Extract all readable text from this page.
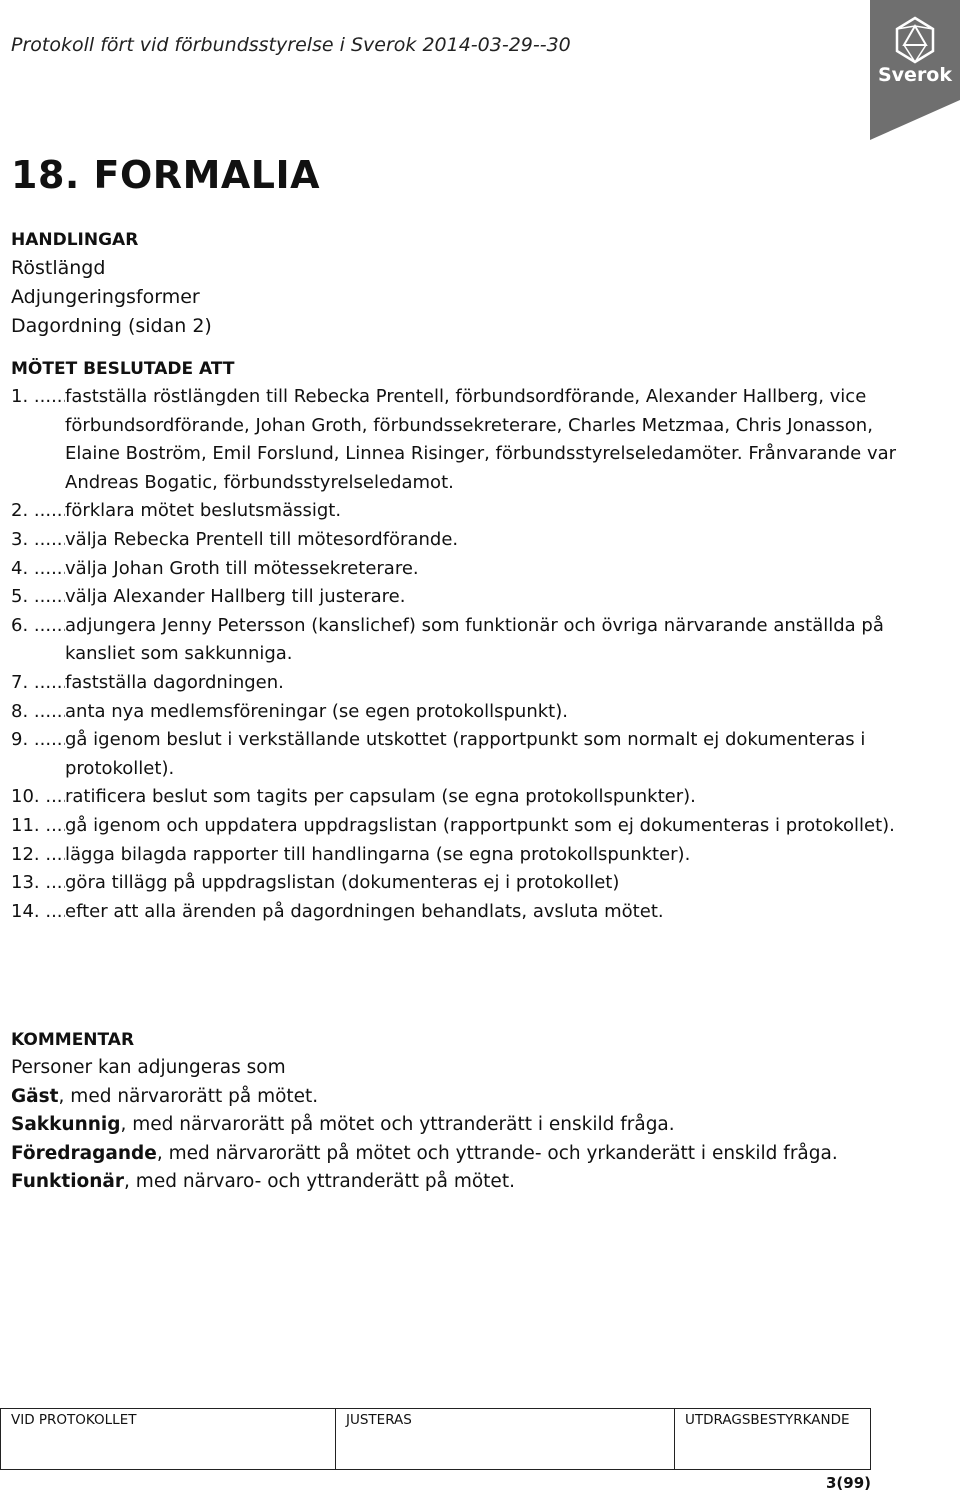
Protokoll fört vid förbundsstyrelse i Sverok 2014-03-29--30
Sverok
18. FORMALIA
HANDLINGAR
Röstlängd
Adjungeringsformer
Dagordning (sidan 2)
MÖTET BESLUTADE ATT
1. .....	fastställa röstlängden till Rebecka Prentell, förbundsordförande, Alexander Hallberg, vice förbundsordförande, Johan Groth, förbundssekreterare, Charles Metzmaa, Chris Jonasson, Elaine Boström, Emil Forslund, Linnea Risinger, förbundsstyrelseledamöter. Frånvarande var Andreas Bogatic, förbundsstyrelseledamot.
2. .....	förklara mötet beslutsmässigt.
3. .....	välja Rebecka Prentell till mötesordförande.
4. .....	välja Johan Groth till mötessekreterare.
5. .....	välja Alexander Hallberg till justerare.
6. .....	adjungera Jenny Petersson (kanslichef) som funktionär och övriga närvarande anställda på kansliet som sakkunniga.
7. .....	fastställa dagordningen.
8. .....	anta nya medlemsföreningar (se egen protokollspunkt).
9. .....	gå igenom beslut i verkställande utskottet (rapportpunkt som normalt ej dokumenteras i protokollet).
10. .....	ratificera beslut som tagits per capsulam (se egna protokollspunkter).
11. .....	gå igenom och uppdatera uppdragslistan (rapportpunkt som ej dokumenteras i protokollet).
12. .....	lägga bilagda rapporter till handlingarna (se egna protokollspunkter).
13. .....	göra tillägg på uppdragslistan (dokumenteras ej i protokollet)
14. .....	efter att alla ärenden på dagordningen behandlats, avsluta mötet.
KOMMENTAR
Personer kan adjungeras som
Gäst, med närvarorätt på mötet.
Sakkunnig, med närvarorätt på mötet och yttranderätt i enskild fråga.
Föredragande, med närvarorätt på mötet och yttrande- och yrkanderätt i enskild fråga.
Funktionär, med närvaro- och yttranderätt på mötet.
VID PROTOKOLLET	JUSTERAS	UTDRAGSBESTYRKANDE
3(99)
